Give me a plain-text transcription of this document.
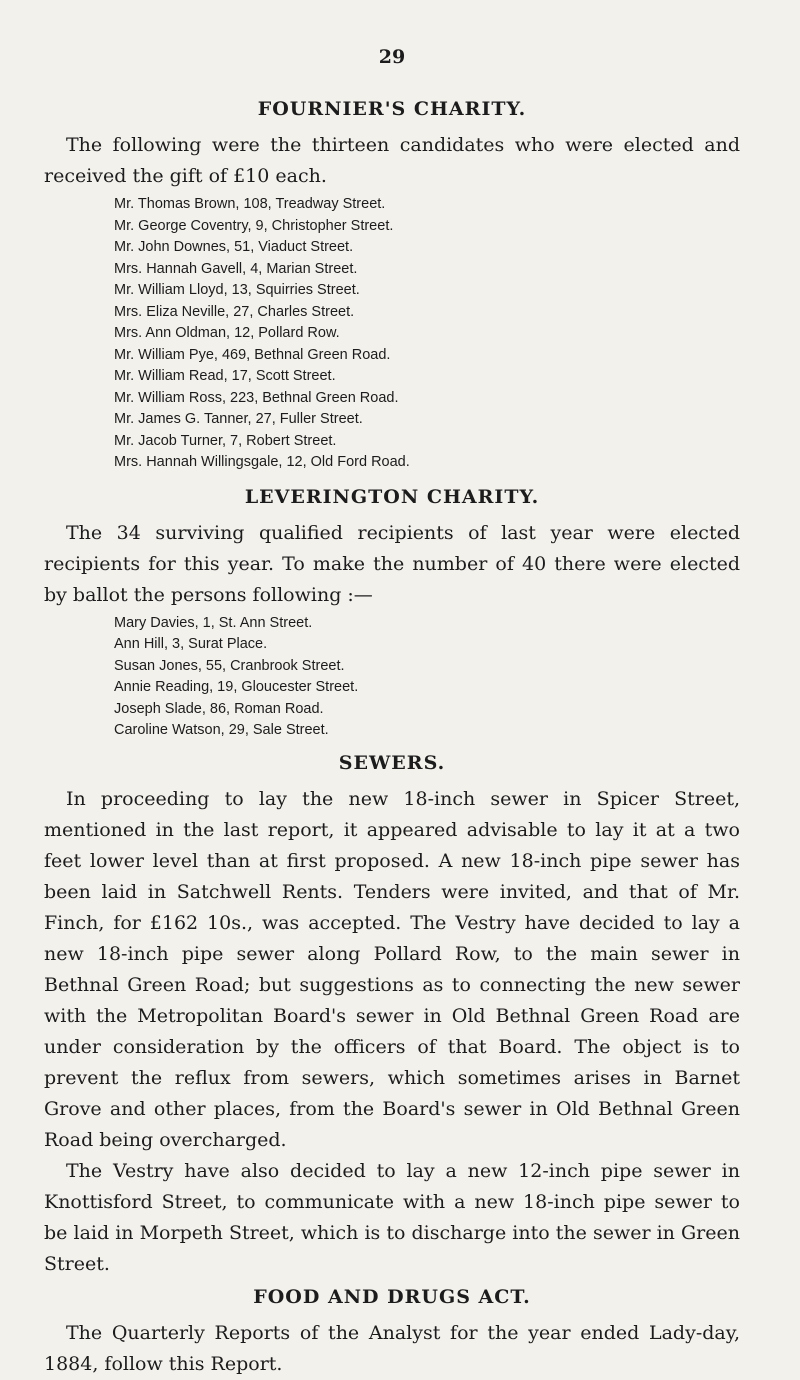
29
FOURNIER'S CHARITY.

The following were the thirteen candidates who were elected and received the gift of £10 each.

Mr. Thomas Brown, 108, Treadway Street.
Mr. George Coventry, 9, Christopher Street.
Mr. John Downes, 51, Viaduct Street.
Mrs. Hannah Gavell, 4, Marian Street.
Mr. William Lloyd, 13, Squirries Street.
Mrs. Eliza Neville, 27, Charles Street.
Mrs. Ann Oldman, 12, Pollard Row.
Mr. William Pye, 469, Bethnal Green Road.
Mr. William Read, 17, Scott Street.
Mr. William Ross, 223, Bethnal Green Road.
Mr. James G. Tanner, 27, Fuller Street.
Mr. Jacob Turner, 7, Robert Street.
Mrs. Hannah Willingsgale, 12, Old Ford Road.
LEVERINGTON CHARITY.

The 34 surviving qualified recipients of last year were elected recipients for this year. To make the number of 40 there were elected by ballot the persons following :—

Mary Davies, 1, St. Ann Street.
Ann Hill, 3, Surat Place.
Susan Jones, 55, Cranbrook Street.
Annie Reading, 19, Gloucester Street.
Joseph Slade, 86, Roman Road.
Caroline Watson, 29, Sale Street.
SEWERS.

In proceeding to lay the new 18-inch sewer in Spicer Street, mentioned in the last report, it appeared advisable to lay it at a two feet lower level than at first proposed. A new 18-inch pipe sewer has been laid in Satchwell Rents. Tenders were invited, and that of Mr. Finch, for £162 10s., was accepted. The Vestry have decided to lay a new 18-inch pipe sewer along Pollard Row, to the main sewer in Bethnal Green Road; but suggestions as to connecting the new sewer with the Metropolitan Board's sewer in Old Bethnal Green Road are under consideration by the officers of that Board. The object is to prevent the reflux from sewers, which sometimes arises in Barnet Grove and other places, from the Board's sewer in Old Bethnal Green Road being overcharged.

The Vestry have also decided to lay a new 12-inch pipe sewer in Knottisford Street, to communicate with a new 18-inch pipe sewer to be laid in Morpeth Street, which is to discharge into the sewer in Green Street.

FOOD AND DRUGS ACT.

The Quarterly Reports of the Analyst for the year ended Lady-day, 1884, follow this Report.
